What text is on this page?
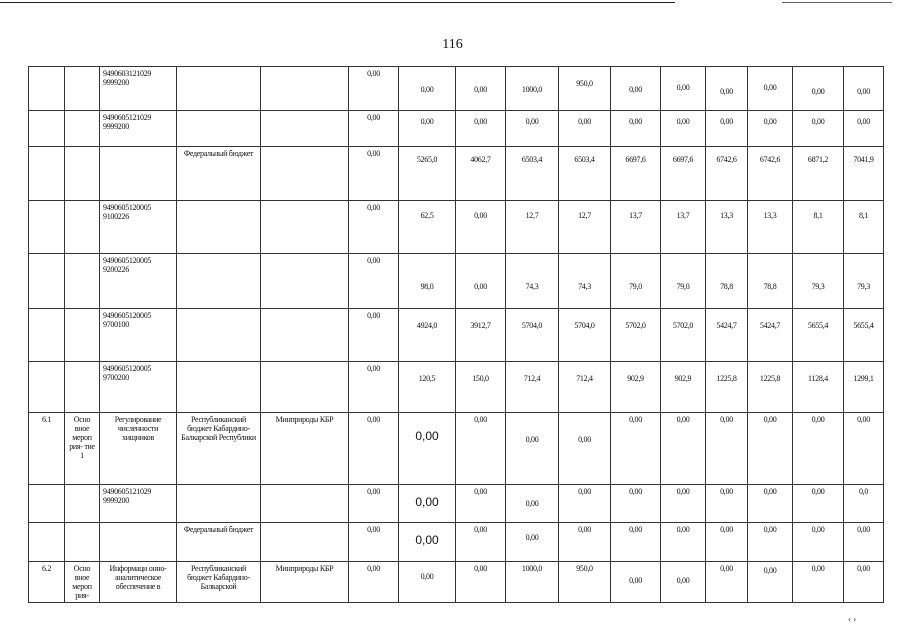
116
		9490603121029 9999200			0,00	0,00	0,00	1000,0	950,0	0,00	0,00	0,00	0,00	0,00	0,00

		9490605121029 9999200			0,00	0,00	0,00	0,00	0,00	0,00	0,00	0,00	0,00	0,00	0,00

			Федеральный бюджет		0,00	5265,0	4062,7	6503,4	6503,4	6697,6	6697,6	6742,6	6742,6	6871,2	7041,9

		9490605120005 9100226			0,00	62,5	0,00	12,7	12,7	13,7	13,7	13,3	13,3	8,1	8,1

		9490605120005 9200226			0,00	98,0	0,00	74,3	74,3	79,0	79,0	78,8	78,8	79,3	79,3

		9490605120005 9700100			0,00	4924,0	3912,7	5704,0	5704,0	5702,0	5702,0	5424,7	5424,7	5655,4	5655,4

		9490605120005 9700200			0,00	120,5	150,0	712,4	712,4	902,9	902,9	1225,8	1225,8	1128,4	1299,1

6.1	Осно вное мероп рия- тие 1	Регулирование численности хищников	Республиканский бюджет Кабардино-Балкарской Республики	Минприроды КБР	0,00	0,00	0,00	0,00	0,00	0,00	0,00	0,00	0,00	0,00	0,00

		9490605121029 9999200			0,00	0,00	0,00	0,00	0,00	0,00	0,00	0,00	0,00	0,00	0,0

			Федеральный бюджет		0,00	0,00	0,00	0,00	0,00	0,00	0,00	0,00	0,00	0,00	0,00

6.2	Осно вное мероп рия-	Информаци онно-аналитическое обеспечение в	Республиканский бюджет Кабардино-Балкарской	Минприроды КБР	0,00	0,00	0,00	1000,0	950,0	0,00	0,00	0,00	0,00	0,00	0,00
‹ ›
